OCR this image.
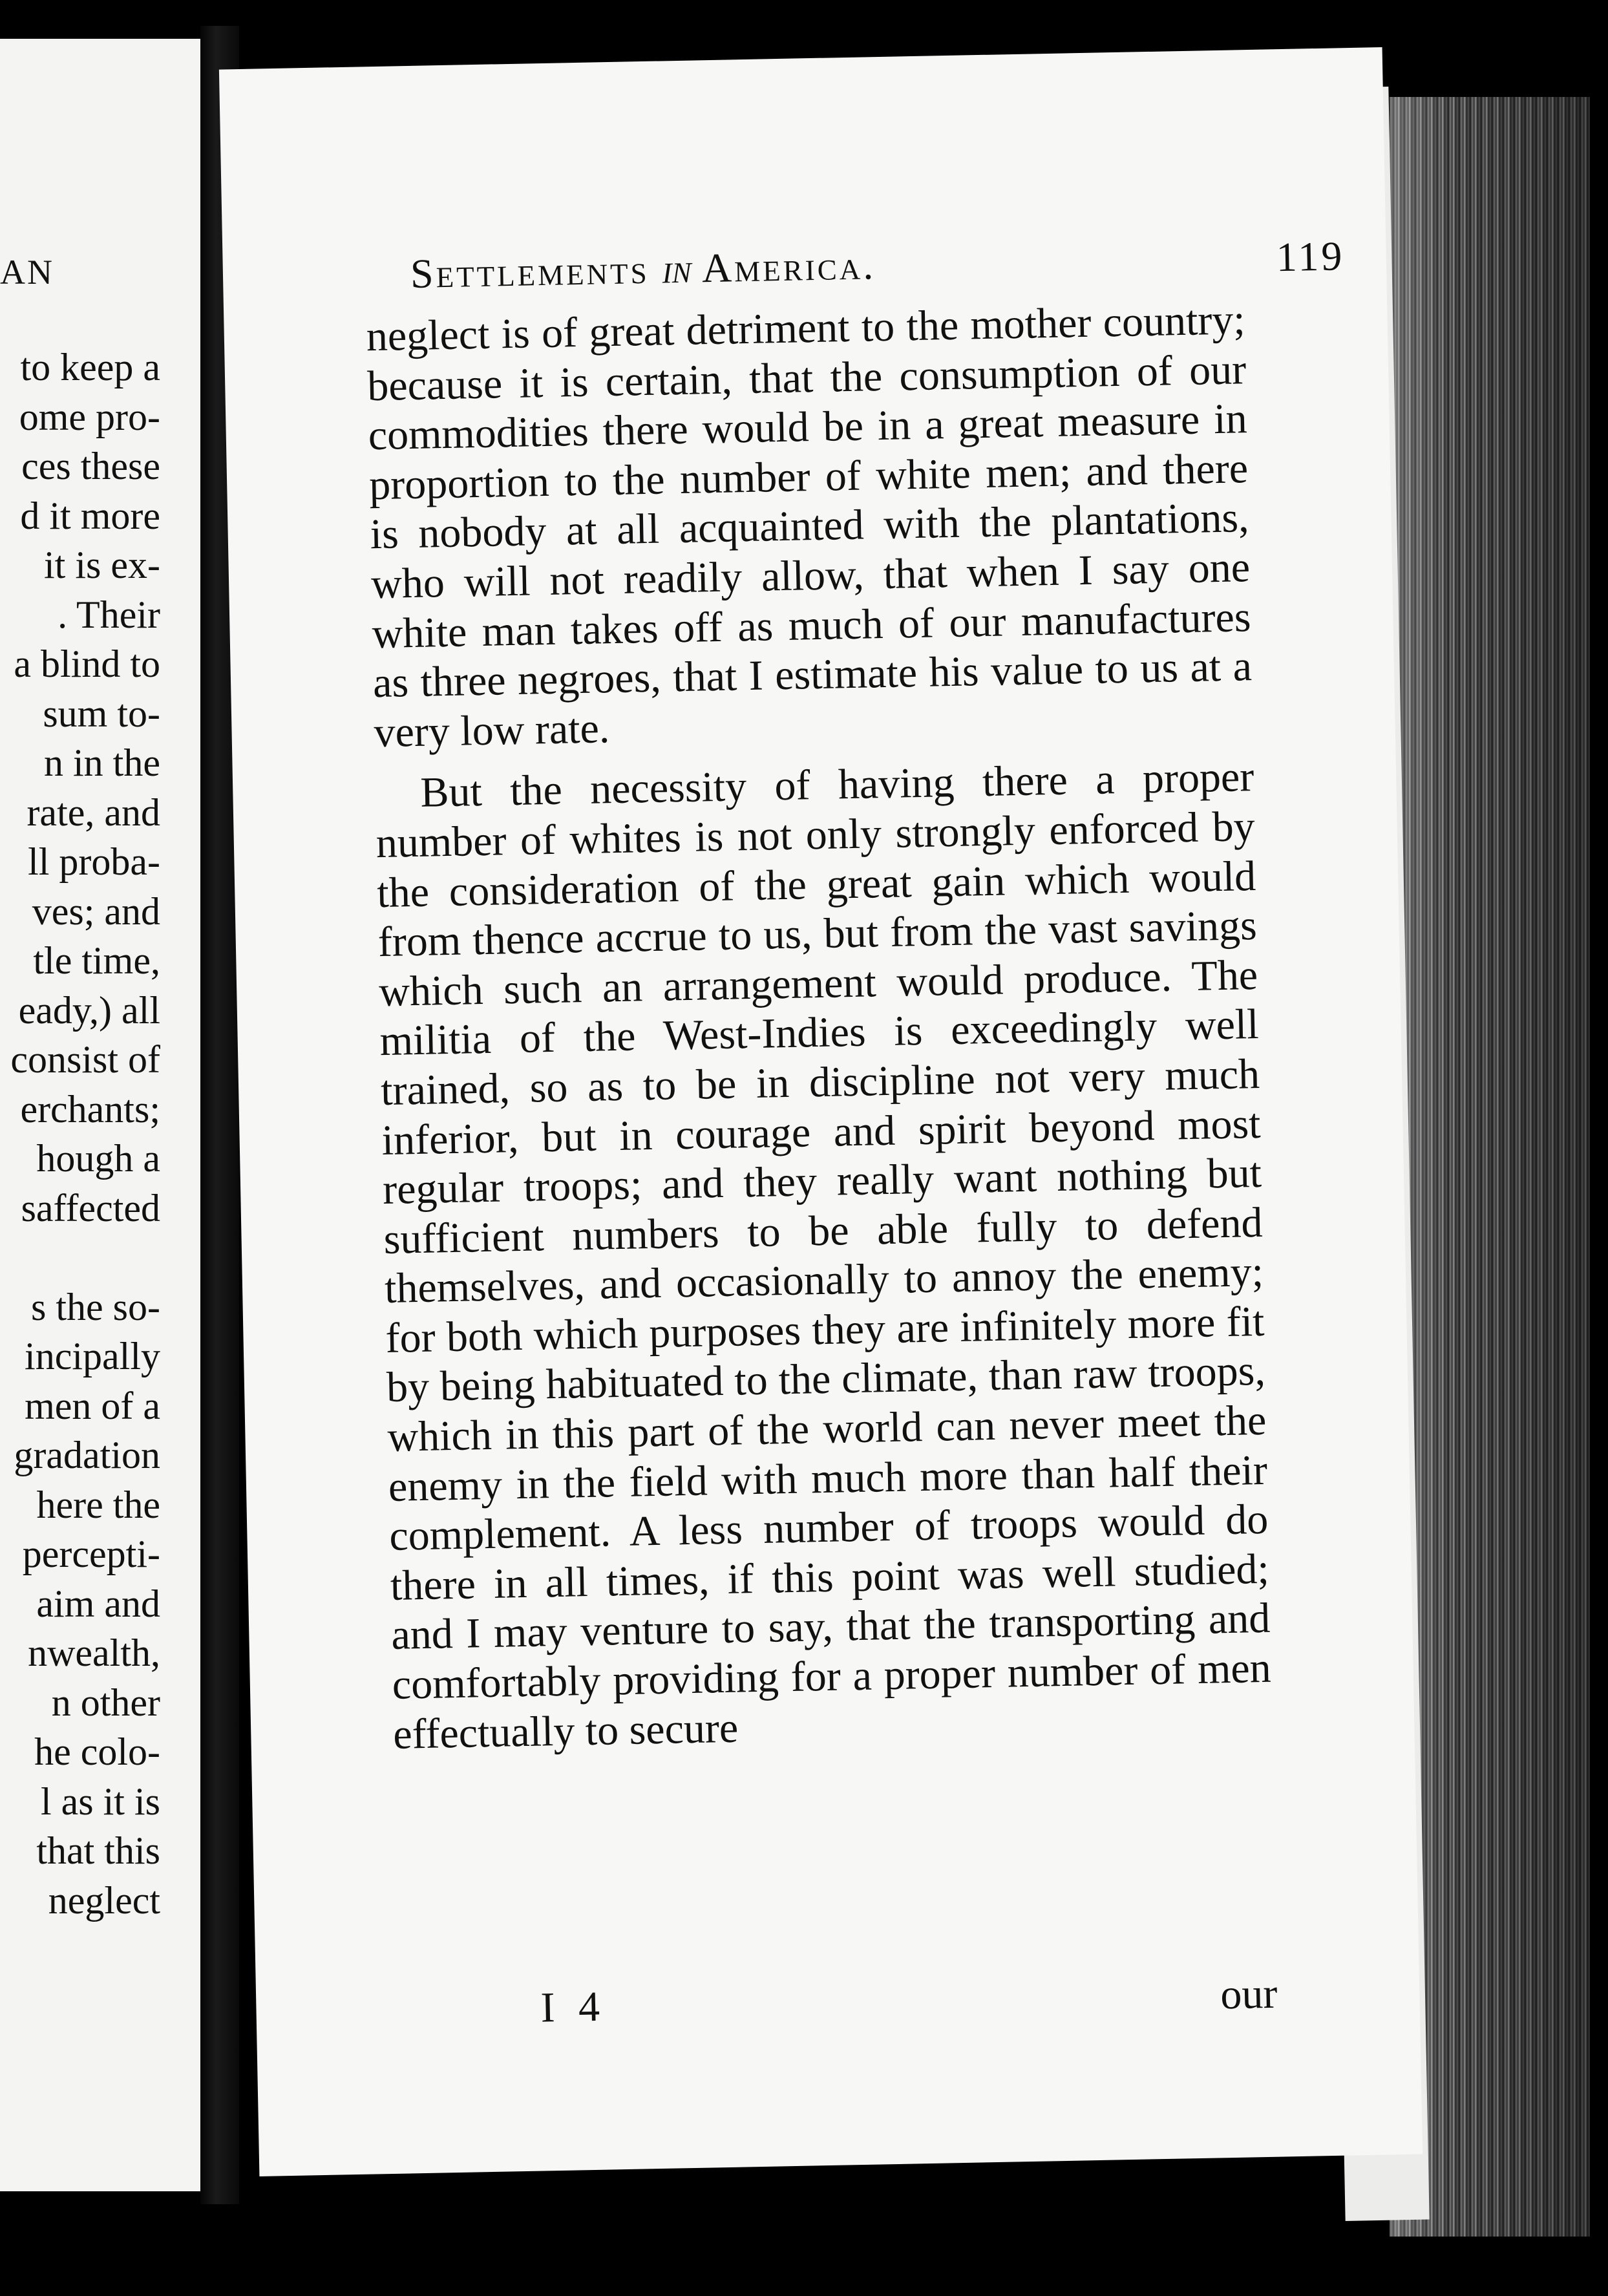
AN
to keep a
ome pro-
ces these
d it more
it is ex-
. Their
a blind to
sum to-
n in the
rate, and
ll proba-
ves; and
tle time,
eady,) all
consist of
erchants;
hough a
saffected

s the so-
incipally
men of a
gradation
here the
percepti-
aim and
nwealth,
n other
he colo-
l as it is
that this
neglect
Settlements in America.	119

neglect is of great detriment to the mother country; because it is certain, that the consumption of our commodities there would be in a great measure in proportion to the number of white men; and there is nobody at all acquainted with the plantations, who will not readily allow, that when I say one white man takes off as much of our manufactures as three negroes, that I estimate his value to us at a very low rate.

But the necessity of having there a proper number of whites is not only strongly enforced by the consideration of the great gain which would from thence accrue to us, but from the vast savings which such an arrangement would produce. The militia of the West-Indies is exceedingly well trained, so as to be in discipline not very much inferior, but in courage and spirit beyond most regular troops; and they really want nothing but sufficient numbers to be able fully to defend themselves, and occasionally to annoy the enemy; for both which purposes they are infinitely more fit by being habituated to the climate, than raw troops, which in this part of the world can never meet the enemy in the field with much more than half their complement. A less number of troops would do there in all times, if this point was well studied; and I may venture to say, that the transporting and comfortably providing for a proper number of men effectually to secure

I 4	our
